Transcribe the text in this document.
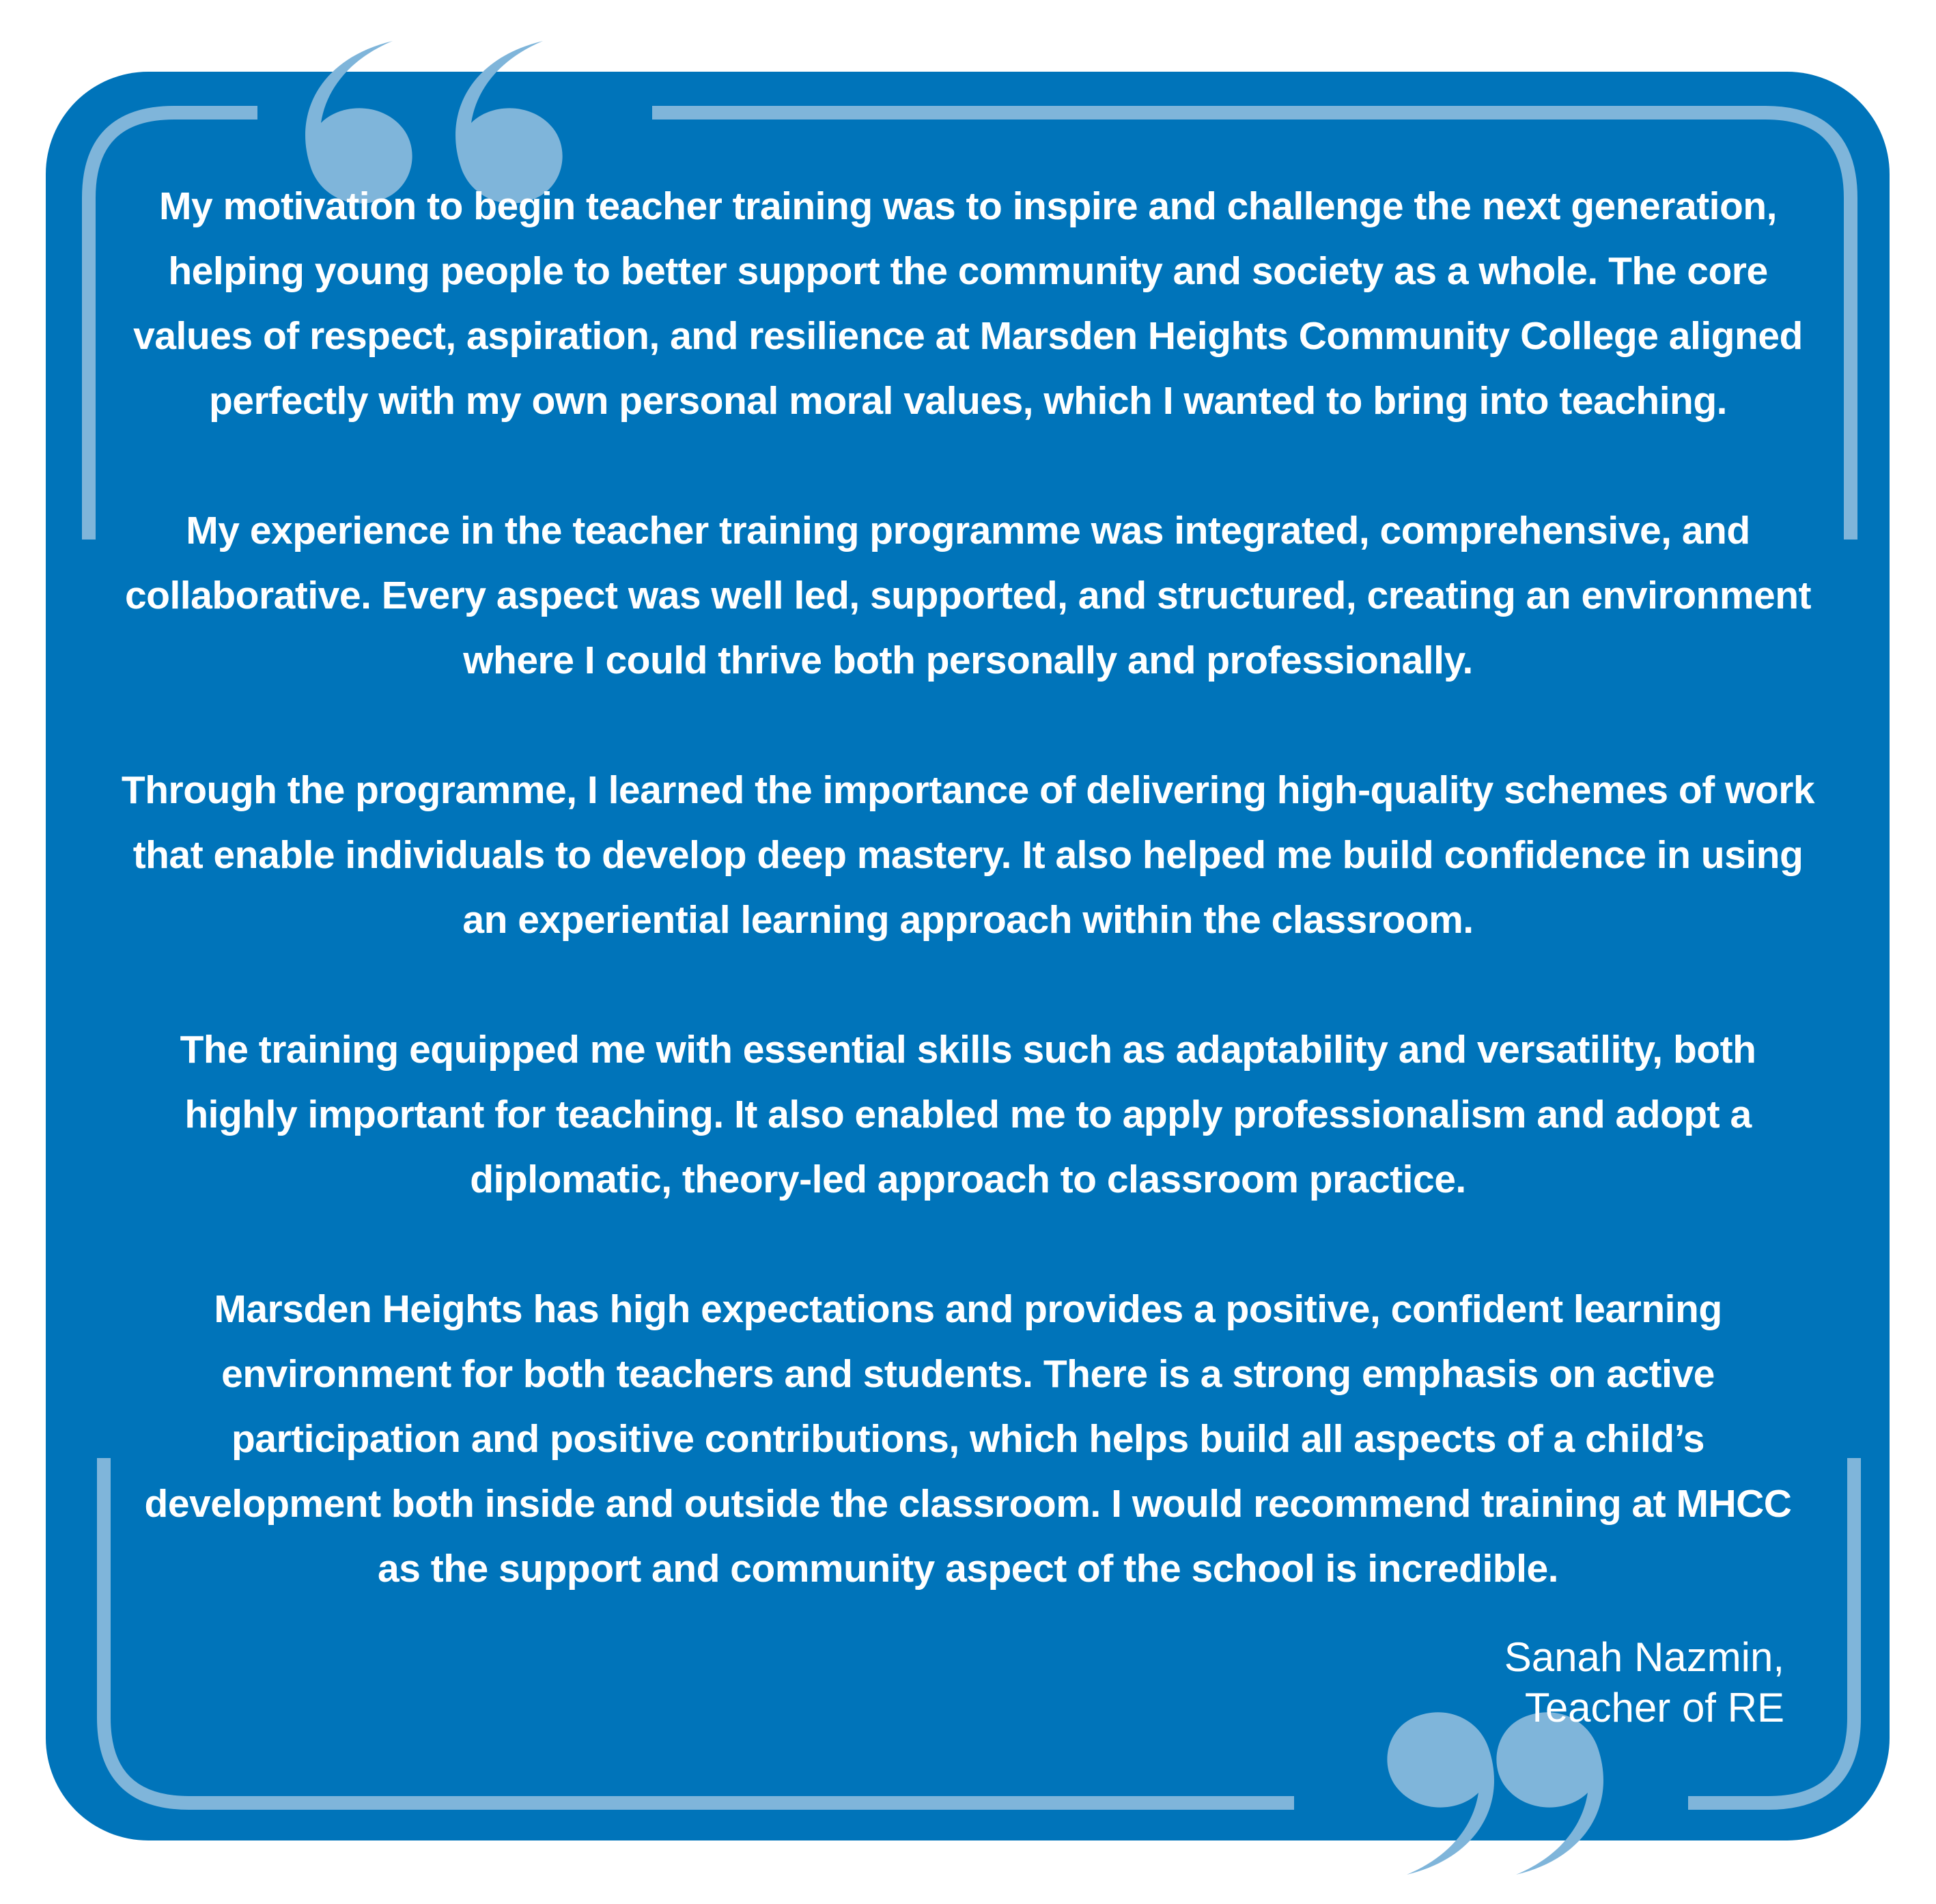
My motivation to begin teacher training was to inspire and challenge the next generation, helping young people to better support the community and society as a whole. The core values of respect, aspiration, and resilience at Marsden Heights Community College aligned perfectly with my own personal moral values, which I wanted to bring into teaching.

My experience in the teacher training programme was integrated, comprehensive, and collaborative. Every aspect was well led, supported, and structured, creating an environment where I could thrive both personally and professionally.

Through the programme, I learned the importance of delivering high-quality schemes of work that enable individuals to develop deep mastery. It also helped me build confidence in using an experiential learning approach within the classroom.

The training equipped me with essential skills such as adaptability and versatility, both highly important for teaching. It also enabled me to apply professionalism and adopt a diplomatic, theory-led approach to classroom practice.

Marsden Heights has high expectations and provides a positive, confident learning environment for both teachers and students. There is a strong emphasis on active participation and positive contributions, which helps build all aspects of a child’s development both inside and outside the classroom. I would recommend training at MHCC as the support and community aspect of the school is incredible.

Sanah Nazmin,
Teacher of RE
